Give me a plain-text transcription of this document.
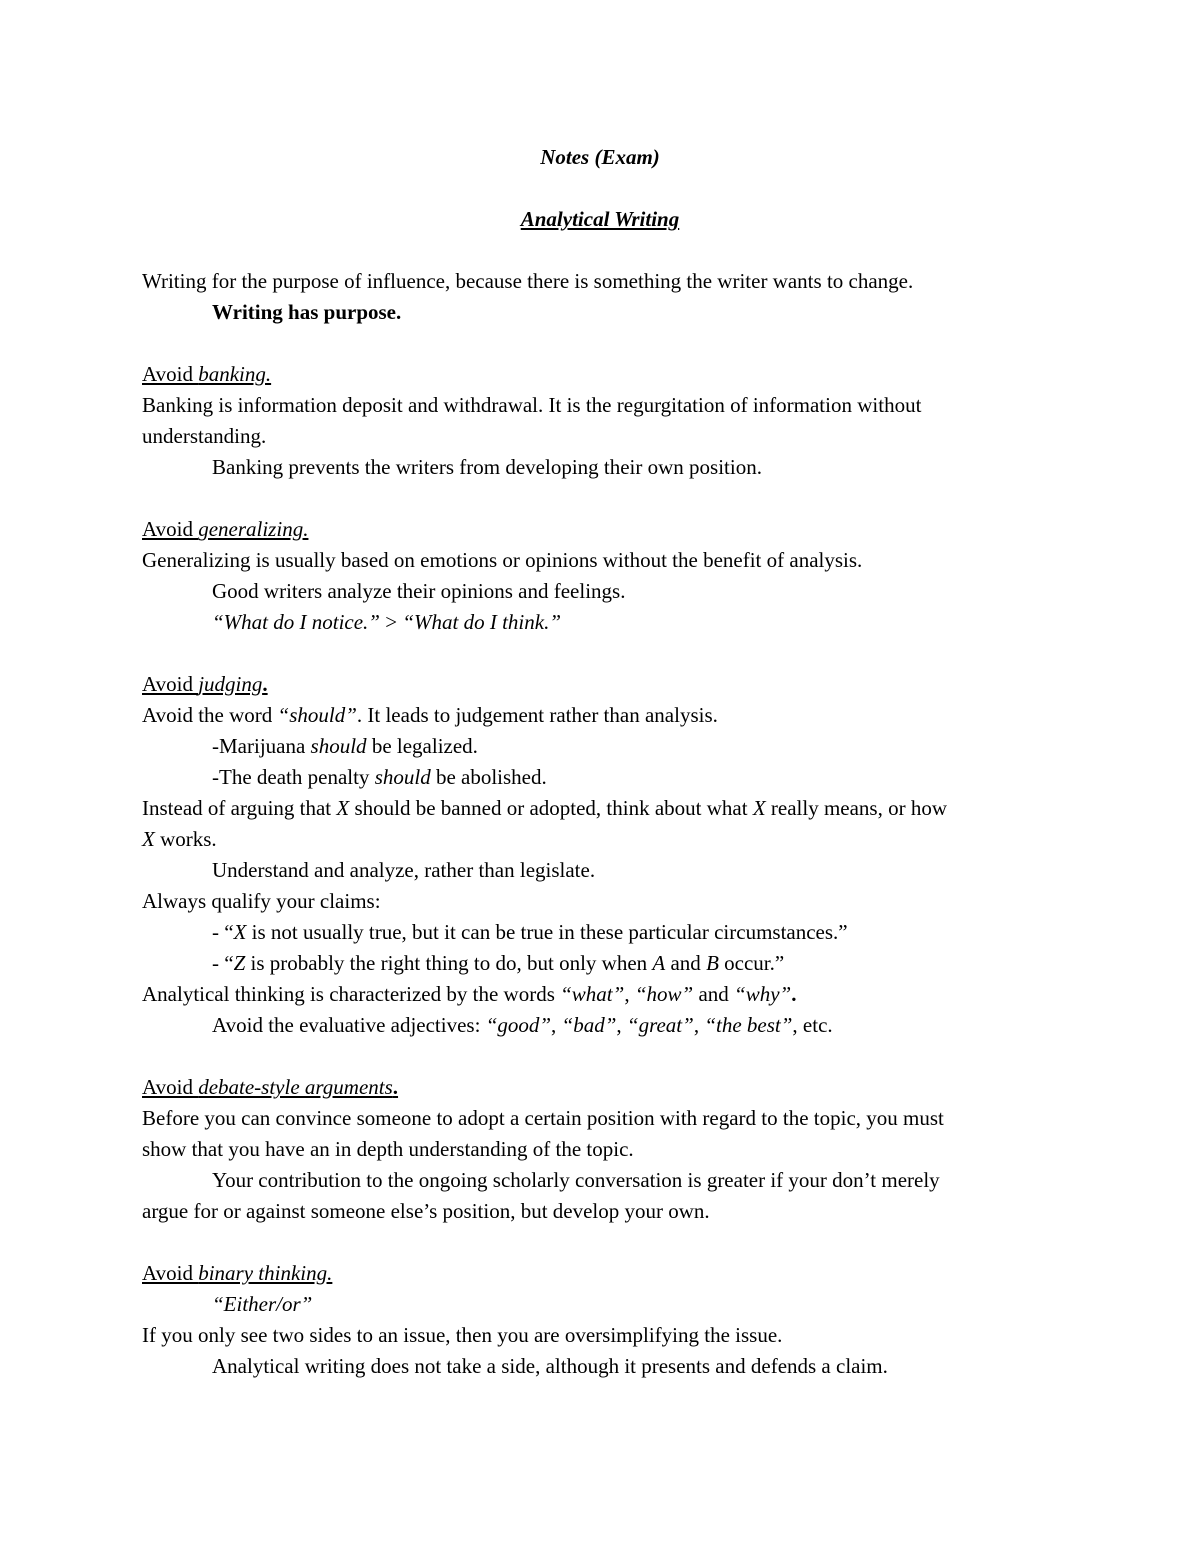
Notes (Exam)
Analytical Writing
Writing for the purpose of influence, because there is something the writer wants to change.
Writing has purpose.
Avoid banking.
Banking is information deposit and withdrawal. It is the regurgitation of information without
understanding.
Banking prevents the writers from developing their own position.
Avoid generalizing.
Generalizing is usually based on emotions or opinions without the benefit of analysis.
Good writers analyze their opinions and feelings.
“What do I notice.” > “What do I think.”
Avoid judging.
Avoid the word “should”. It leads to judgement rather than analysis.
-Marijuana should be legalized.
-The death penalty should be abolished.
Instead of arguing that X should be banned or adopted, think about what X really means, or how
X works.
Understand and analyze, rather than legislate.
Always qualify your claims:
- “X is not usually true, but it can be true in these particular circumstances.”
- “Z is probably the right thing to do, but only when A and B occur.”
Analytical thinking is characterized by the words “what”, “how” and “why”.
Avoid the evaluative adjectives: “good”, “bad”, “great”, “the best”, etc.
Avoid debate-style arguments.
Before you can convince someone to adopt a certain position with regard to the topic, you must
show that you have an in depth understanding of the topic.
Your contribution to the ongoing scholarly conversation is greater if your don’t merely
argue for or against someone else’s position, but develop your own.
Avoid binary thinking.
“Either/or”
If you only see two sides to an issue, then you are oversimplifying the issue.
Analytical writing does not take a side, although it presents and defends a claim.
